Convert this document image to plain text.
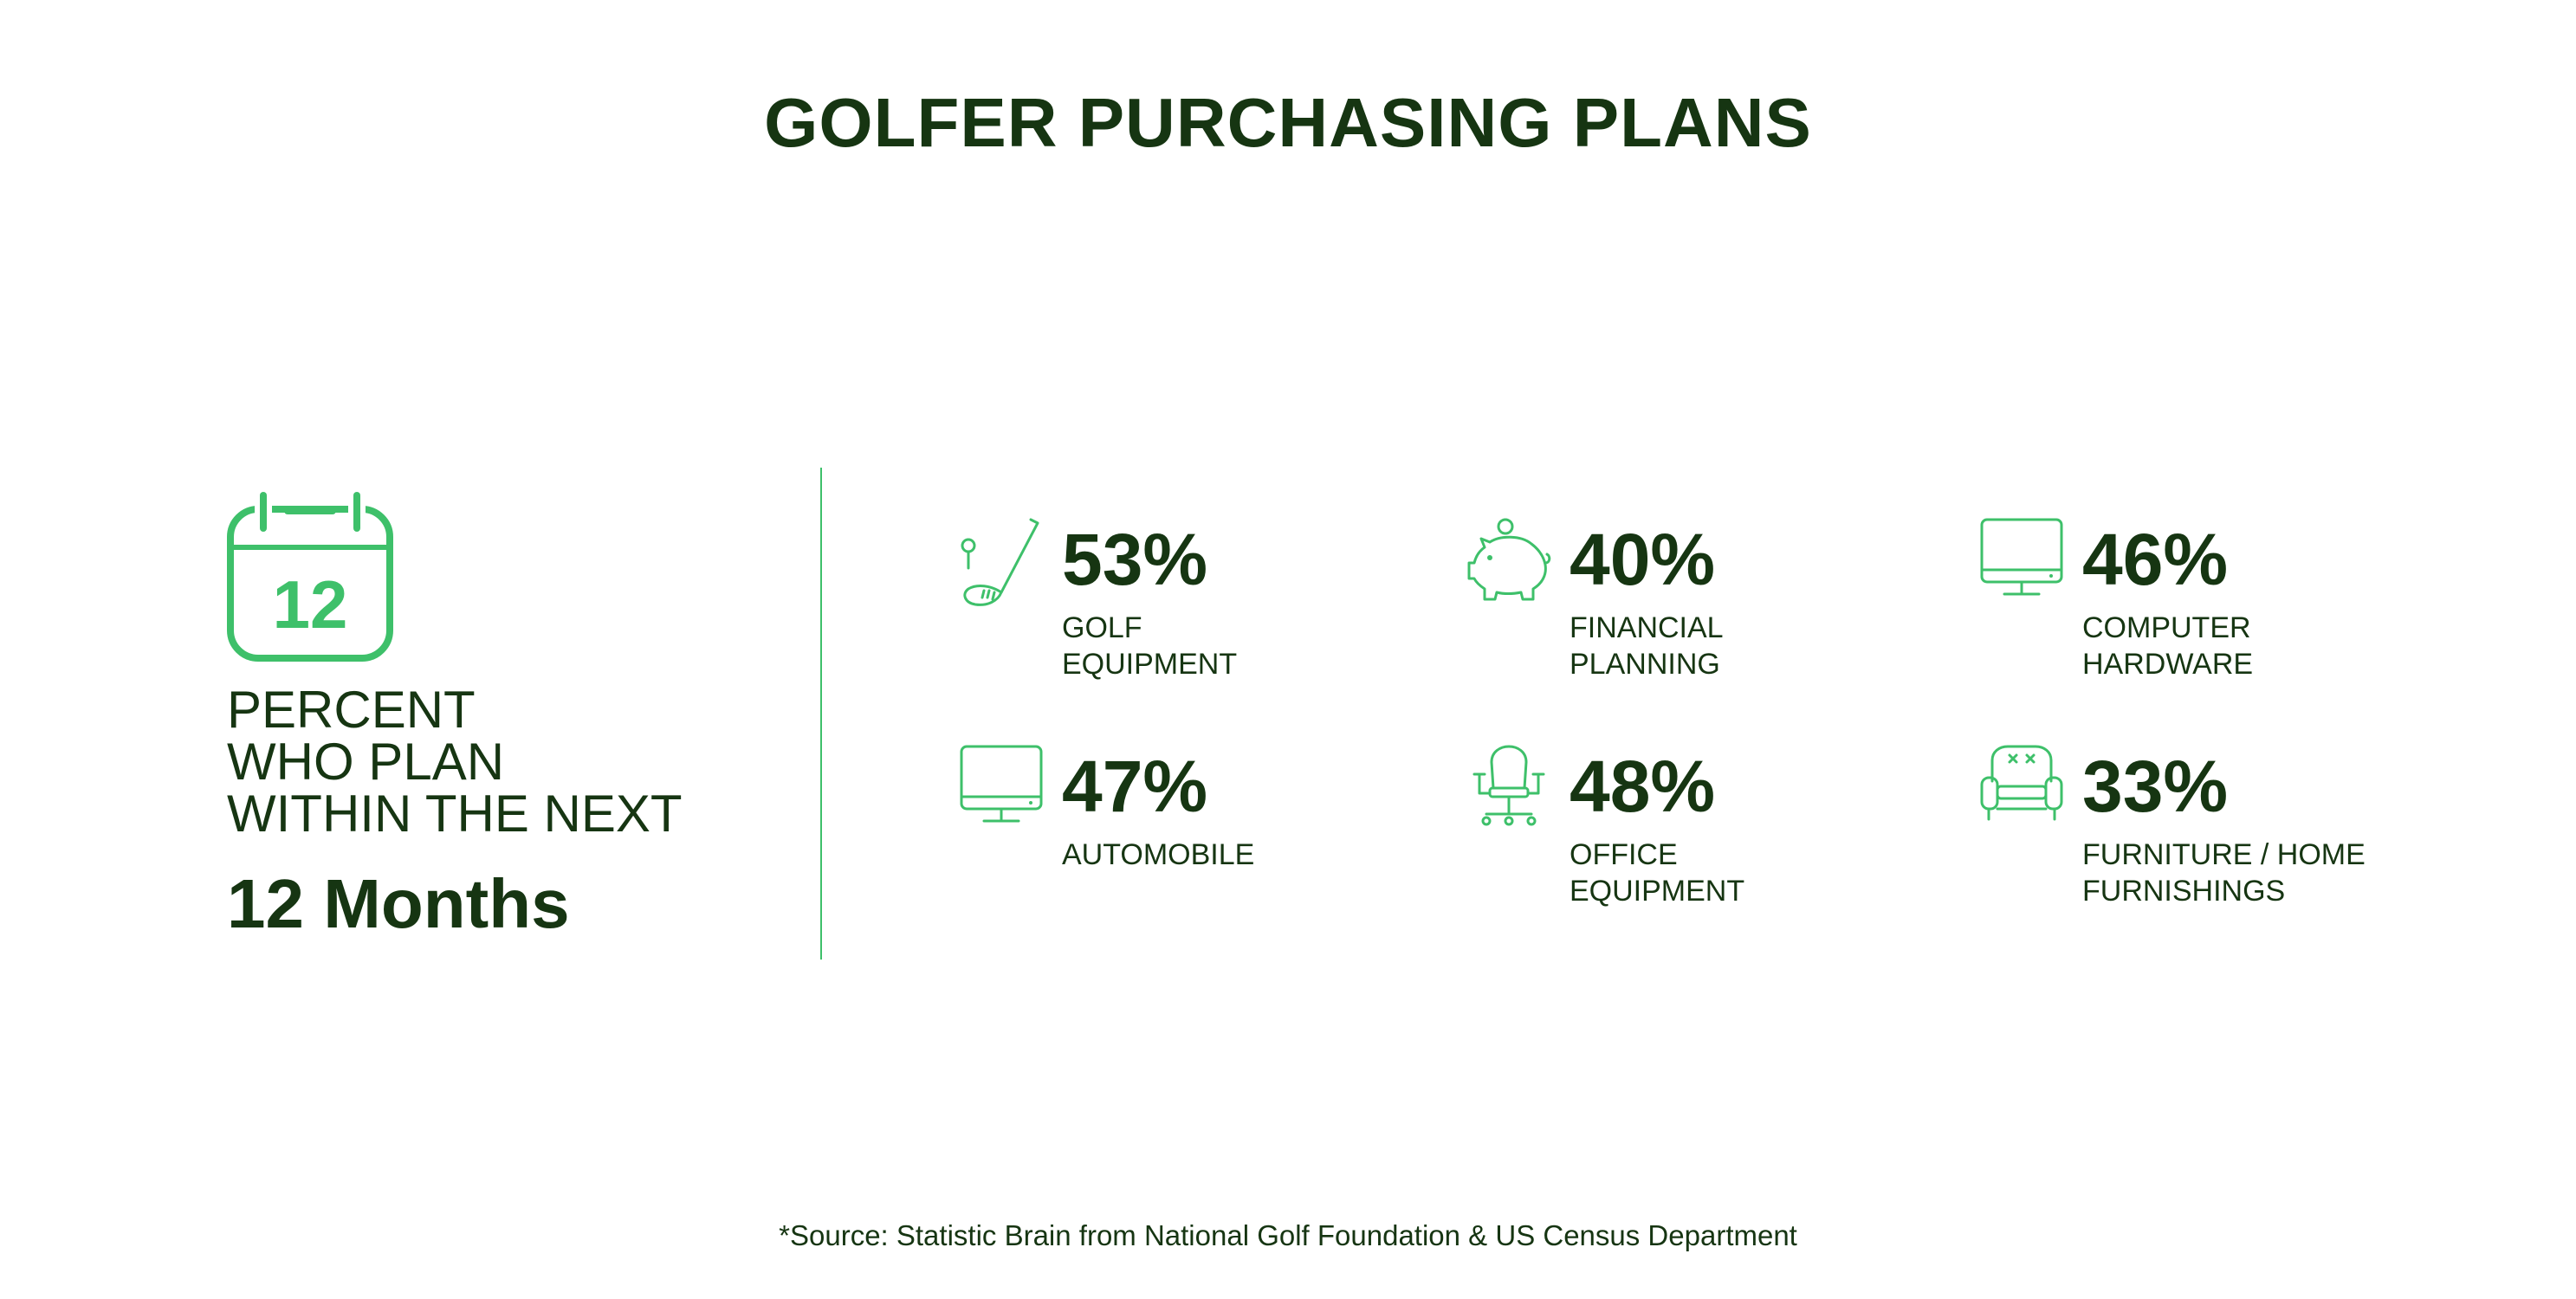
GOLFER PURCHASING PLANS
12
PERCENT
WHO PLAN
WITHIN THE NEXT
12 Months
53%
GOLF
EQUIPMENT
40%
FINANCIAL
PLANNING
46%
COMPUTER
HARDWARE
47%
AUTOMOBILE
48%
OFFICE
EQUIPMENT
33%
FURNITURE / HOME
FURNISHINGS
*Source: Statistic Brain from National Golf Foundation & US Census Department
